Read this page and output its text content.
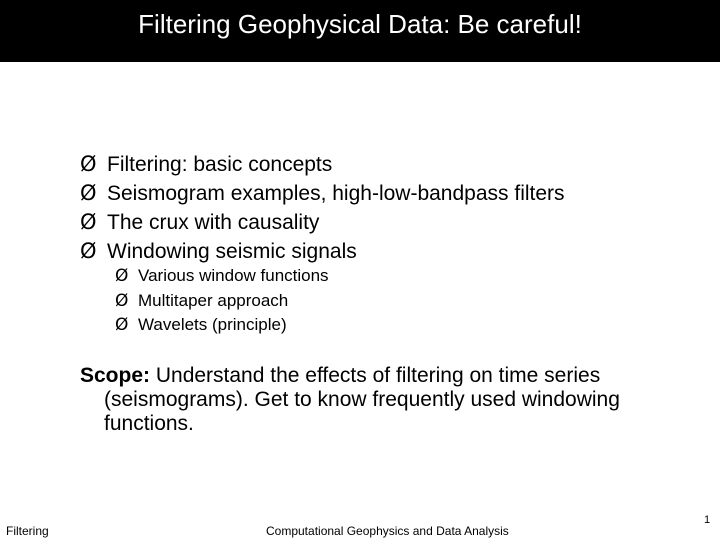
Filtering Geophysical Data: Be careful!
Ø Filtering: basic concepts
Ø Seismogram examples, high-low-bandpass filters
Ø The crux with causality
Ø Windowing seismic signals
Ø Various window functions
Ø Multitaper approach
Ø Wavelets (principle)
Scope: Understand the effects of filtering on time series
(seismograms). Get to know frequently used windowing
functions.
Filtering	Computational Geophysics and Data Analysis
1
